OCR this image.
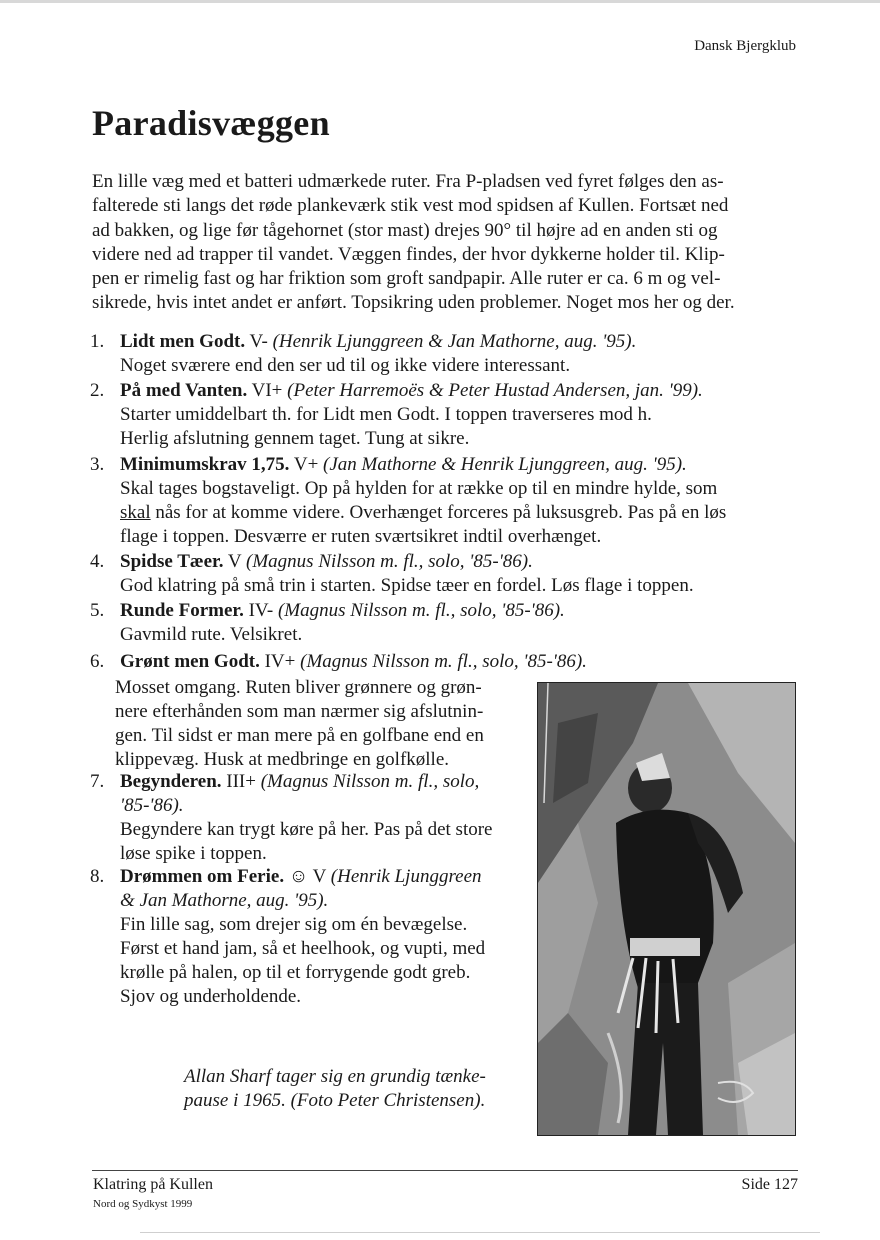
Dansk Bjergklub
Paradisvæggen

En lille væg med et batteri udmærkede ruter. Fra P-pladsen ved fyret følges den as-
falterede sti langs det røde plankeværk stik vest mod spidsen af Kullen. Fortsæt ned
ad bakken, og lige før tågehornet (stor mast) drejes 90° til højre ad en anden sti og
videre ned ad trapper til vandet. Væggen findes, der hvor dykkerne holder til. Klip-
pen er rimelig fast og har friktion som groft sandpapir. Alle ruter er ca. 6 m og vel-
sikrede, hvis intet andet er anført. Topsikring uden problemer. Noget mos her og der.

1. Lidt men Godt. V- (Henrik Ljunggreen & Jan Mathorne, aug. '95).

Noget sværere end den ser ud til og ikke videre interessant.

2. På med Vanten. VI+ (Peter Harremoës & Peter Hustad Andersen, jan. '99).

Starter umiddelbart th. for Lidt men Godt. I toppen traverseres mod h.

Herlig afslutning gennem taget. Tung at sikre.

3. Minimumskrav 1,75. V+ (Jan Mathorne & Henrik Ljunggreen, aug. '95).

Skal tages bogstaveligt. Op på hylden for at række op til en mindre hylde, som

skal nås for at komme videre. Overhænget forceres på luksusgreb. Pas på en løs

flage i toppen. Desværre er ruten sværtsikret indtil overhænget.

4. Spidse Tæer. V (Magnus Nilsson m. fl., solo, '85-'86).

God klatring på små trin i starten. Spidse tæer en fordel. Løs flage i toppen.

5. Runde Former. IV- (Magnus Nilsson m. fl., solo, '85-'86).

Gavmild rute. Velsikret.

6. Grønt men Godt. IV+ (Magnus Nilsson m. fl., solo, '85-'86).

Mosset omgang. Ruten bliver grønnere og grøn-

nere efterhånden som man nærmer sig afslutnin-

gen. Til sidst er man mere på en golfbane end en

klippevæg. Husk at medbringe en golfkølle.

7. Begynderen. III+ (Magnus Nilsson m. fl., solo,

'85-'86).

Begyndere kan trygt køre på her. Pas på det store

løse spike i toppen.

8. Drømmen om Ferie. ☺ V (Henrik Ljunggreen

& Jan Mathorne, aug. '95).

Fin lille sag, som drejer sig om én bevægelse.

Først et hand jam, så et heelhook, og vupti, med

krølle på halen, op til et forrygende godt greb.

Sjov og underholdende.

Allan Sharf tager sig en grundig tænke-
pause i 1965. (Foto Peter Christensen).

Klatring på Kullen
Nord og Sydkyst 1999
Side 127
